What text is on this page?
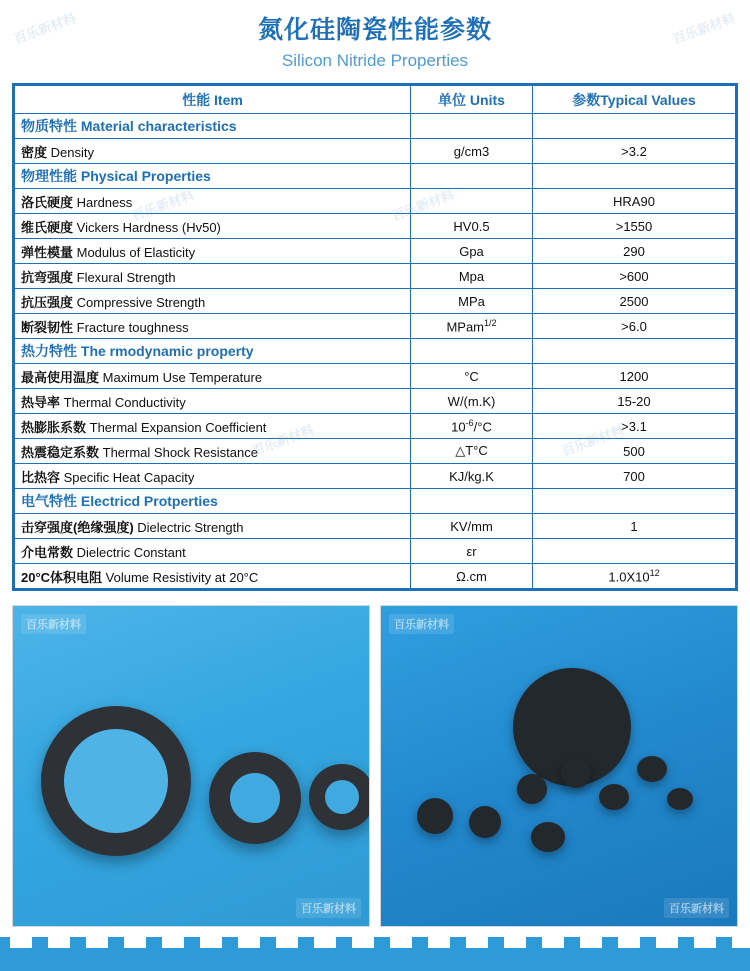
氮化硅陶瓷性能参数
Silicon Nitride Properties
百乐新材料	百乐新材料
百乐新材料	百乐新材料
百乐新材料	百乐新材料
性能 Item	单位 Units	参数Typical Values
物质特性 Material characteristics		
密度 Density	g/cm3	>3.2
物理性能 Physical Properties		
洛氏硬度 Hardness		HRA90
维氏硬度 Vickers Hardness (Hv50)	HV0.5	>1550
弹性模量 Modulus of Elasticity	Gpa	290
抗弯强度 Flexural Strength	Mpa	>600
抗压强度 Compressive Strength	MPa	2500
断裂韧性 Fracture toughness	MPam$^{1/2}$	>6.0
热力特性 The rmodynamic property		
最高使用温度 Maximum Use Temperature	°C	1200
热导率 Thermal Conductivity	W/(m.K)	15-20
热膨胀系数 Thermal Expansion Coefficient	$10^{-6}/^\circ C$	>3.1
热震稳定系数 Thermal Shock Resistance	△T°C	500
比热容 Specific Heat Capacity	KJ/kg.K	700
电气特性 Electricd Protperties		
击穿强度(绝缘强度) Dielectric Strength	KV/mm	1
介电常数 Dielectric Constant	εr	
20°C体积电阻 Volume Resistivity at 20°C	Ω.cm	$1.0X10^{12}$
百乐新材料
百乐新材料
百乐新材料
百乐新材料
